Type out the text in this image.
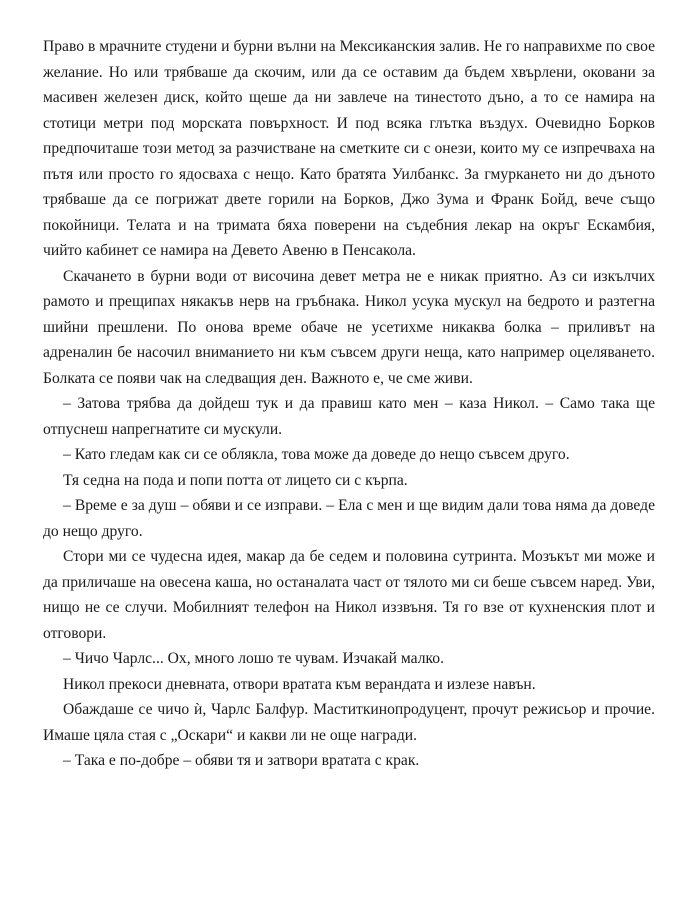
Право в мрачните студени и бурни вълни на Мексиканския залив. Не го направихме по свое желание. Но или трябваше да скочим, или да се оставим да бъдем хвърлени, оковани за масивен железен диск, който щеше да ни завлече на тинестото дъно, а то се намира на стотици метри под морската повърхност. И под всяка глътка въздух. Очевидно Борков предпочиташе този метод за разчистване на сметките си с онези, които му се изпречваха на пътя или просто го ядосваха с нещо. Като братята Уилбанкс. За гмуркането ни до дъното трябваше да се погрижат двете горили на Борков, Джо Зума и Франк Бойд, вече също покойници. Телата и на тримата бяха поверени на съдебния лекар на окръг Ескамбия, чийто кабинет се намира на Девето Авеню в Пенсакола.

Скачането в бурни води от височина девет метра не е никак приятно. Аз си изкълчих рамото и прещипах някакъв нерв на гръбнака. Никол усука мускул на бедрото и разтегна шийни прешлени. По онова време обаче не усетихме никаква болка – приливът на адреналин бе насочил вниманието ни към съвсем други неща, като например оцеляването. Болката се появи чак на следващия ден. Важното е, че сме живи.

– Затова трябва да дойдеш тук и да правиш като мен – каза Никол. – Само така ще отпуснеш напрегнатите си мускули.

– Като гледам как си се облякла, това може да доведе до нещо съвсем друго.

Тя седна на пода и попи потта от лицето си с кърпа.

– Време е за душ – обяви и се изправи. – Ела с мен и ще видим дали това няма да доведе до нещо друго.

Стори ми се чудесна идея, макар да бе седем и половина сутринта. Мозъкът ми може и да приличаше на овесена каша, но останалата част от тялото ми си беше съвсем наред. Уви, нищо не се случи. Мобилният телефон на Никол иззвъня. Тя го взе от кухненския плот и отговори.

– Чичо Чарлс... Ох, много лошо те чувам. Изчакай малко.

Никол прекоси дневната, отвори вратата към верандата и излезе навън.

Обаждаше се чичо ѝ, Чарлс Балфур. Маститкинопродуцент, прочут режисьор и прочие. Имаше цяла стая с „Оскари“ и какви ли не още награди.

– Така е по-добре – обяви тя и затвори вратата с крак.
